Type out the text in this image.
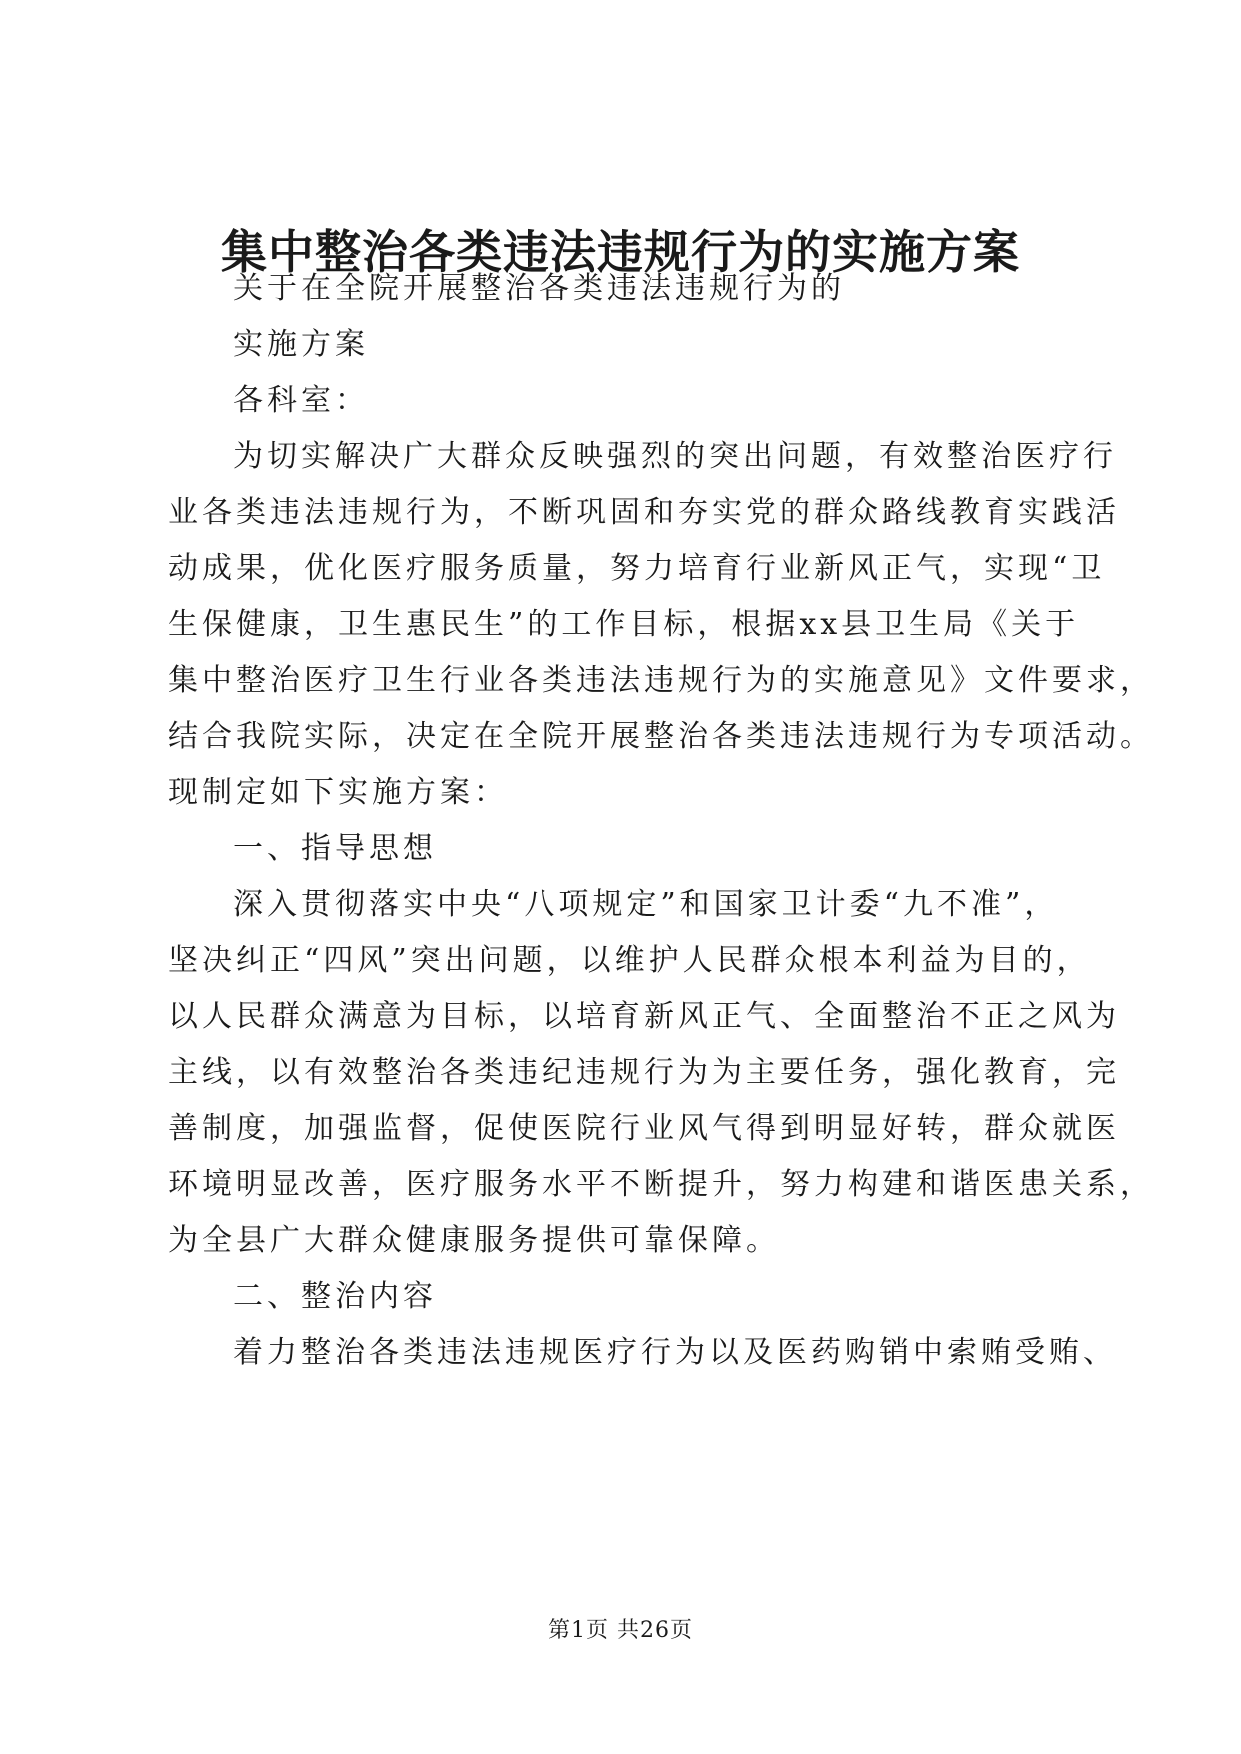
集中整治各类违法违规行为的实施方案
关于在全院开展整治各类违法违规行为的
实施方案
各科室：
为切实解决广大群众反映强烈的突出问题，有效整治医疗行
业各类违法违规行为，不断巩固和夯实党的群众路线教育实践活
动成果，优化医疗服务质量，努力培育行业新风正气，实现“卫
生保健康，卫生惠民生”的工作目标，根据xx县卫生局《关于
集中整治医疗卫生行业各类违法违规行为的实施意见》文件要求，
结合我院实际，决定在全院开展整治各类违法违规行为专项活动。
现制定如下实施方案：
一、指导思想
深入贯彻落实中央“八项规定”和国家卫计委“九不准”，
坚决纠正“四风”突出问题，以维护人民群众根本利益为目的，
以人民群众满意为目标，以培育新风正气、全面整治不正之风为
主线，以有效整治各类违纪违规行为为主要任务，强化教育，完
善制度，加强监督，促使医院行业风气得到明显好转，群众就医
环境明显改善，医疗服务水平不断提升，努力构建和谐医患关系，
为全县广大群众健康服务提供可靠保障。
二、整治内容
着力整治各类违法违规医疗行为以及医药购销中索贿受贿、
第1页 共26页
